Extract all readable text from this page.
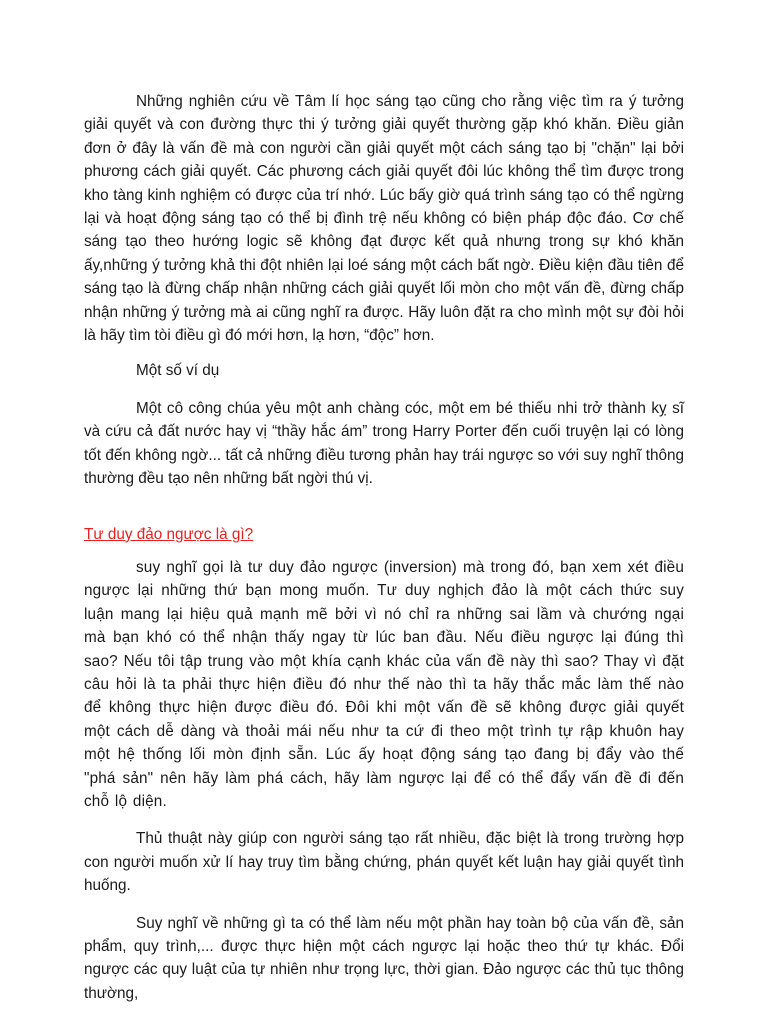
Những nghiên cứu về Tâm lí học sáng tạo cũng cho rằng việc tìm ra ý tưởng giải quyết và con đường thực thi ý tưởng giải quyết thường gặp khó khăn. Điều giản đơn ở đây là vấn đề mà con người cần giải quyết một cách sáng tạo bị "chặn" lại bởi phương cách giải quyết. Các phương cách giải quyết đôi lúc không thể tìm được trong kho tàng kinh nghiệm có được của trí nhớ. Lúc bấy giờ quá trình sáng tạo có thể ngừng lại và hoạt động sáng tạo có thể bị đình trệ nếu không có biện pháp độc đáo. Cơ chế sáng tạo theo hướng logic sẽ không đạt được kết quả nhưng trong sự khó khăn ấy,những ý tưởng khả thi đột nhiên lại loé sáng một cách bất ngờ. Điều kiện đầu tiên để sáng tạo là đừng chấp nhận những cách giải quyết lối mòn cho một vấn đề, đừng chấp nhận những ý tưởng mà ai cũng nghĩ ra được. Hãy luôn đặt ra cho mình một sự đòi hỏi là hãy tìm tòi điều gì đó mới hơn, lạ hơn, “độc” hơn.

Một số ví dụ

Một cô công chúa yêu một anh chàng cóc, một em bé thiếu nhi trở thành kỵ sĩ và cứu cả đất nước hay vị “thầy hắc ám” trong Harry Porter đến cuối truyện lại có lòng tốt đến không ngờ... tất cả những điều tương phản hay trái ngược so với suy nghĩ thông thường đều tạo nên những bất ngời thú vị.

Tư duy đảo ngược là gì?

suy nghĩ gọi là tư duy đảo ngược (inversion) mà trong đó, bạn xem xét điều ngược lại những thứ bạn mong muốn. Tư duy nghịch đảo là một cách thức suy luận mang lại hiệu quả mạnh mẽ bởi vì nó chỉ ra những sai lầm và chướng ngại mà bạn khó có thể nhận thấy ngay từ lúc ban đầu. Nếu điều ngược lại đúng thì sao? Nếu tôi tập trung vào một khía cạnh khác của vấn đề này thì sao? Thay vì đặt câu hỏi là ta phải thực hiện điều đó như thế nào thì ta hãy thắc mắc làm thế nào để không thực hiện được điều đó. Đôi khi một vấn đề sẽ không được giải quyết một cách dễ dàng và thoải mái nếu như ta cứ đi theo một trình tự rập khuôn hay một hệ thống lối mòn định sẵn. Lúc ấy hoạt động sáng tạo đang bị đẩy vào thế "phá sản" nên hãy làm phá cách, hãy làm ngược lại để có thể đẩy vấn đề đi đến chỗ lộ diện.

Thủ thuật này giúp con người sáng tạo rất nhiều, đặc biệt là trong trường hợp con người muốn xử lí hay truy tìm bằng chứng, phán quyết kết luận hay giải quyết tình huống.

Suy nghĩ về những gì ta có thể làm nếu một phần hay toàn bộ của vấn đề, sản phẩm, quy trình,... được thực hiện một cách ngược lại hoặc theo thứ tự khác. Đổi ngược các quy luật của tự nhiên như trọng lực, thời gian. Đảo ngược các thủ tục thông thường,
